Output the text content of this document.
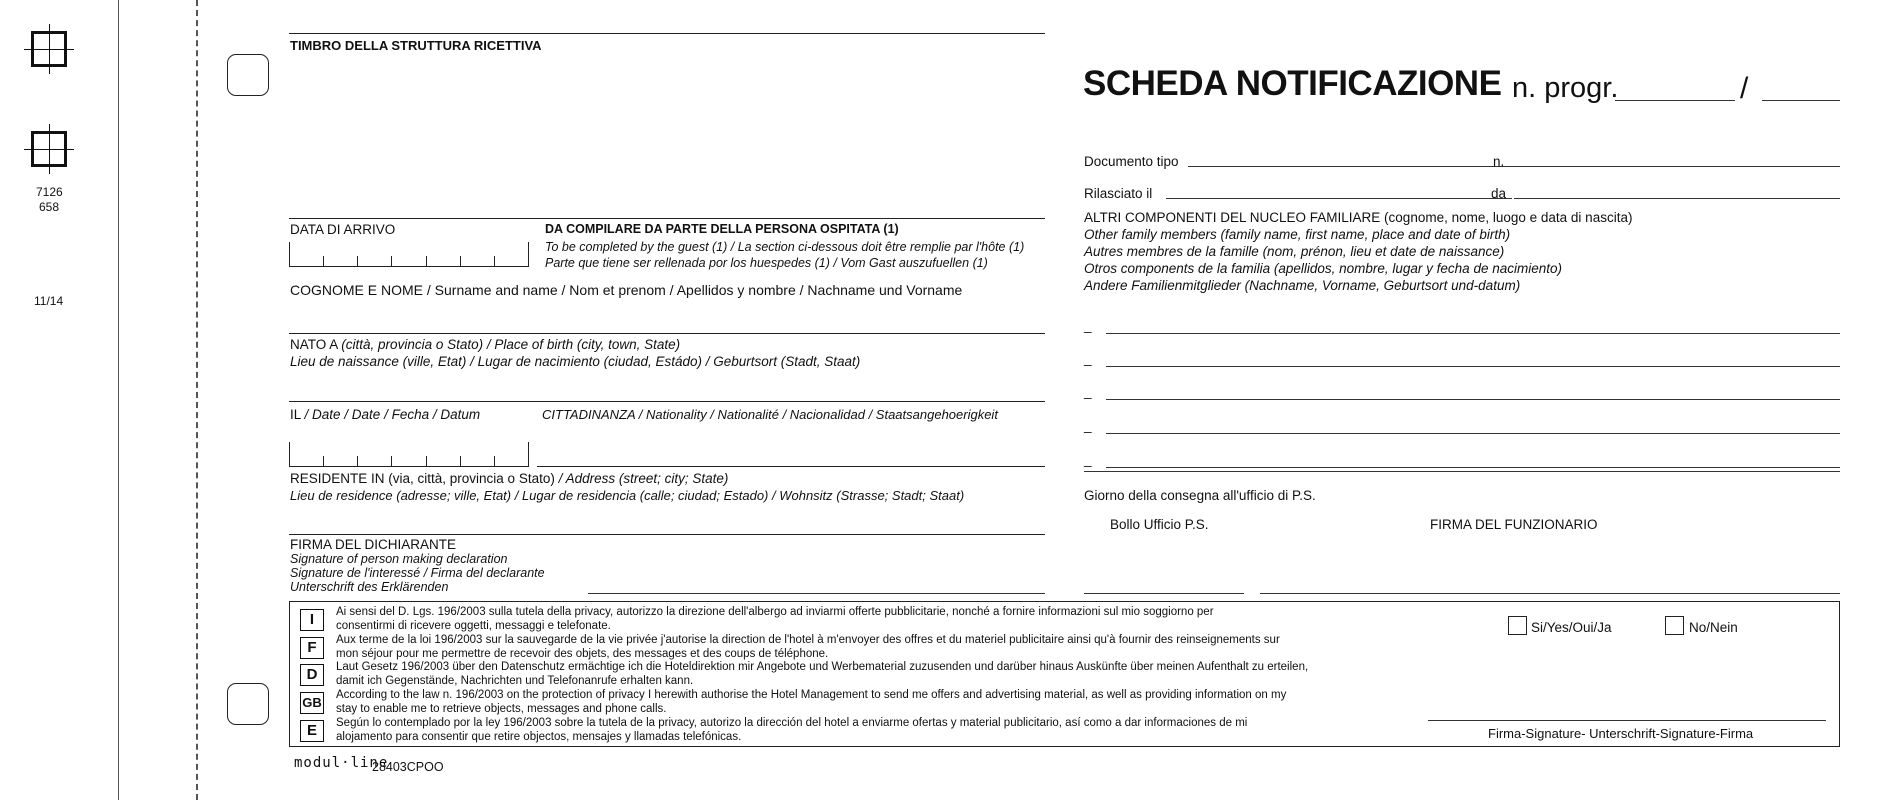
7126
658
11/14
TIMBRO DELLA STRUTTURA RICETTIVA
SCHEDA NOTIFICAZIONE n. progr.	/
Documento tipo	n.
Rilasciato il	da
DATA DI ARRIVO	DA COMPILARE DA PARTE DELLA PERSONA OSPITATA (1)
To be completed by the guest (1) / La section ci-dessous doit être remplie par l'hôte (1)
Parte que tiene ser rellenada por los huespedes (1) / Vom Gast auszufuellen (1)
COGNOME E NOME / Surname and name / Nom et prenom / Apellidos y nombre / Nachname und Vorname
NATO A (città, provincia o Stato) / Place of birth (city, town, State)
Lieu de naissance (ville, Etat) / Lugar de nacimiento (ciudad, Estádo) / Geburtsort (Stadt, Staat)
IL / Date / Date / Fecha / Datum	CITTADINANZA / Nationality / Nationalité / Nacionalidad / Staatsangehoerigkeit
RESIDENTE IN (via, città, provincia o Stato) / Address (street; city; State)
Lieu de residence (adresse; ville, Etat) / Lugar de residencia (calle; ciudad; Estado) / Wohnsitz (Strasse; Stadt; Staat)
FIRMA DEL DICHIARANTE
Signature of person making declaration
Signature de l'interessé / Firma del declarante
Unterschrift des Erklärenden
ALTRI COMPONENTI DEL NUCLEO FAMILIARE (cognome, nome, luogo e data di nascita)
Other family members (family name, first name, place and date of birth)
Autres membres de la famille (nom, prénon, lieu et date de naissance)
Otros components de la familia (apellidos, nombre, lugar y fecha de nacimiento)
Andere Familienmitglieder (Nachname, Vorname, Geburtsort und-datum)
_
_
_
_
_
Giorno della consegna all'ufficio di P.S.
Bollo Ufficio P.S.	FIRMA DEL FUNZIONARIO
I
F
D
GB
E
Ai sensi del D. Lgs. 196/2003 sulla tutela della privacy, autorizzo la direzione dell'albergo ad inviarmi offerte pubblicitarie, nonché a fornire informazioni sul mio soggiorno per
consentirmi di ricevere oggetti, messaggi e telefonate.
Aux terme de la loi 196/2003 sur la sauvegarde de la vie privée j'autorise la direction de l'hotel à m'envoyer des offres et du materiel publicitaire ainsi qu'à fournir des reinseignements sur
mon séjour pour me permettre de recevoir des objets, des messages et des coups de téléphone.
Laut Gesetz 196/2003 über den Datenschutz ermächtige ich die Hoteldirektion mir Angebote und Werbematerial zuzusenden und darüber hinaus Auskünfte über meinen Aufenthalt zu erteilen,
damit ich Gegenstände, Nachrichten und Telefonanrufe erhalten kann.
According to the law n. 196/2003 on the protection of privacy I herewith authorise the Hotel Management to send me offers and advertising material, as well as providing information on my
stay to enable me to retrieve objects, messages and phone calls.
Según lo contemplado por la ley 196/2003 sobre la tutela de la privacy, autorizo la dirección del hotel a enviarme ofertas y material publicitario, así como a dar informaciones de mi
alojamento para consentir que retire objectos, mensajes y llamadas telefónicas.
Si/Yes/Oui/Ja	No/Nein
Firma-Signature- Unterschrift-Signature-Firma
modul·line
28403CPOO
